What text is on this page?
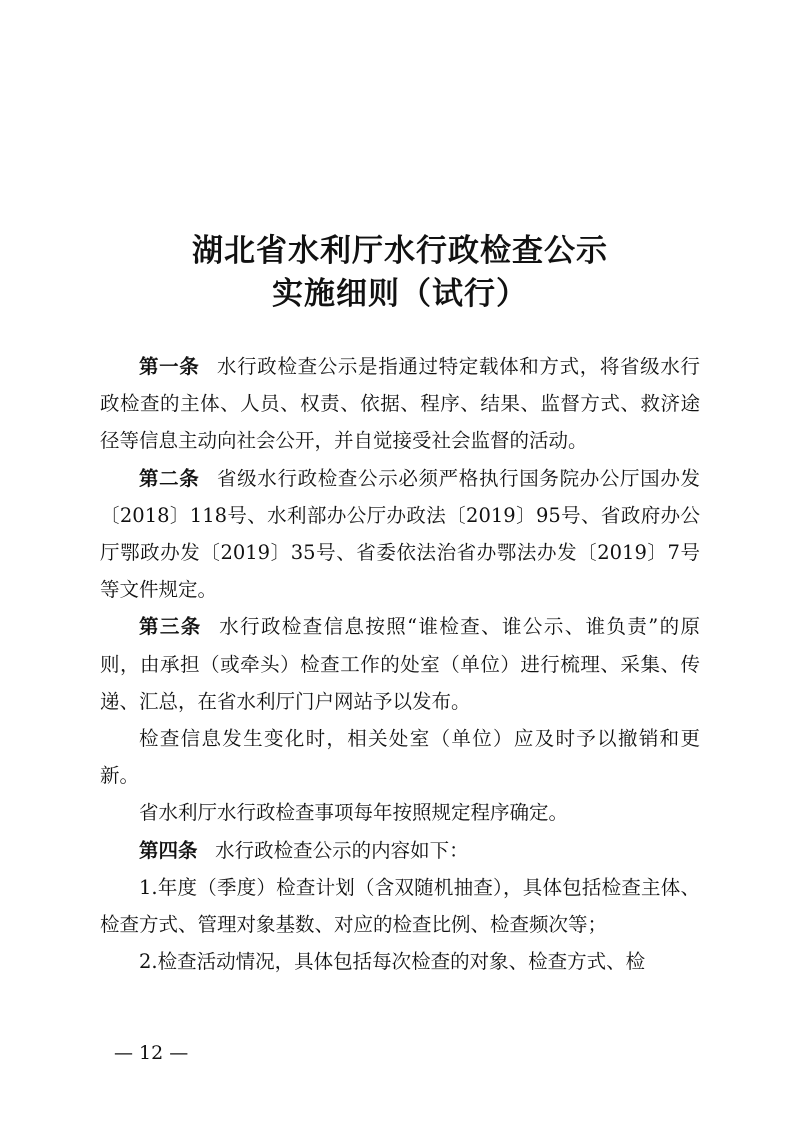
湖北省水利厅水行政检查公示
实施细则（试行）

第一条 水行政检查公示是指通过特定载体和方式，将省级水行政检查的主体、人员、权责、依据、程序、结果、监督方式、救济途径等信息主动向社会公开，并自觉接受社会监督的活动。

第二条 省级水行政检查公示必须严格执行国务院办公厅国办发〔2018〕118号、水利部办公厅办政法〔2019〕95号、省政府办公厅鄂政办发〔2019〕35号、省委依法治省办鄂法办发〔2019〕7号等文件规定。

第三条 水行政检查信息按照“谁检查、谁公示、谁负责”的原则，由承担（或牵头）检查工作的处室（单位）进行梳理、采集、传递、汇总，在省水利厅门户网站予以发布。

检查信息发生变化时，相关处室（单位）应及时予以撤销和更新。

省水利厅水行政检查事项每年按照规定程序确定。

第四条 水行政检查公示的内容如下：

1.年度（季度）检查计划（含双随机抽查），具体包括检查主体、检查方式、管理对象基数、对应的检查比例、检查频次等；

2.检查活动情况，具体包括每次检查的对象、检查方式、检

— 12 —
